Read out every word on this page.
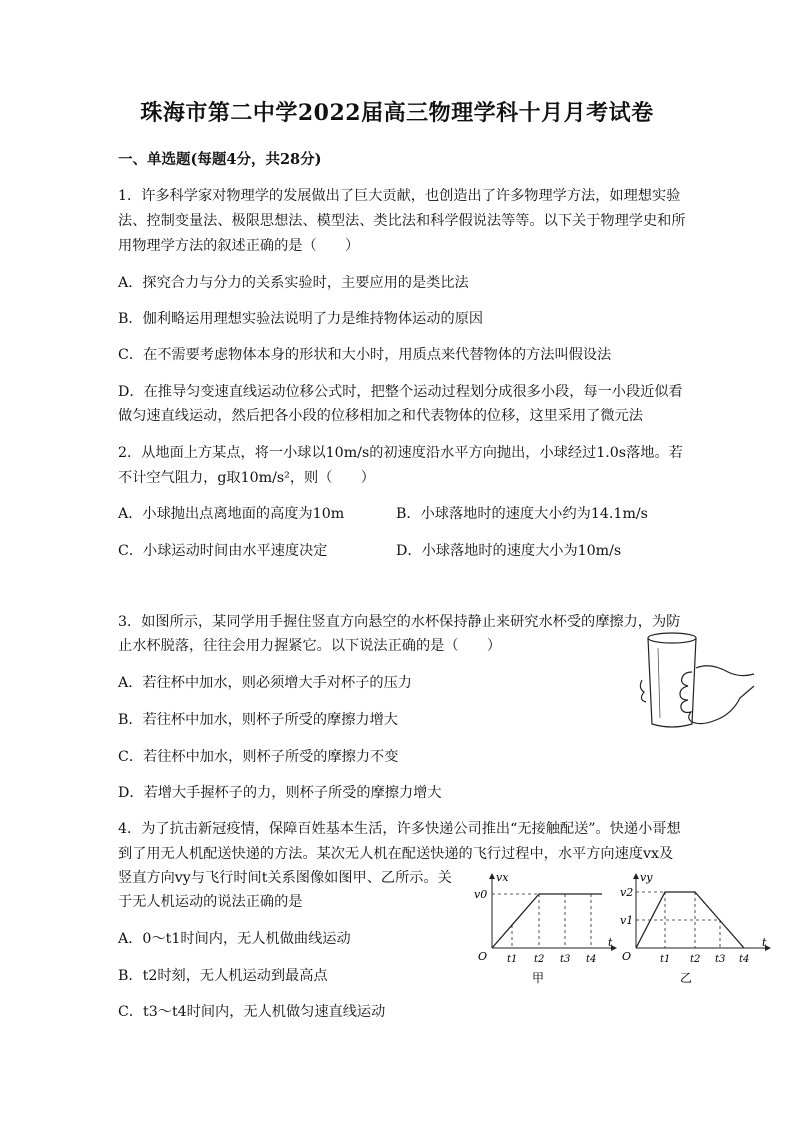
珠海市第二中学2022届高三物理学科十月月考试卷
一、单选题(每题4分，共28分)
1．许多科学家对物理学的发展做出了巨大贡献，也创造出了许多物理学方法，如理想实验
法、控制变量法、极限思想法、模型法、类比法和科学假说法等等。以下关于物理学史和所
用物理学方法的叙述正确的是（　　）
A．探究合力与分力的关系实验时，主要应用的是类比法
B．伽利略运用理想实验法说明了力是维持物体运动的原因
C．在不需要考虑物体本身的形状和大小时，用质点来代替物体的方法叫假设法
D．在推导匀变速直线运动位移公式时，把整个运动过程划分成很多小段，每一小段近似看
做匀速直线运动，然后把各小段的位移相加之和代表物体的位移，这里采用了微元法
2．从地面上方某点，将一小球以10m/s的初速度沿水平方向抛出，小球经过1.0s落地。若
不计空气阻力，g取10m/s²，则（　　）
A．小球抛出点离地面的高度为10m	B．小球落地时的速度大小约为14.1m/s
C．小球运动时间由水平速度决定	D．小球落地时的速度大小为10m/s
3．如图所示，某同学用手握住竖直方向悬空的水杯保持静止来研究水杯受的摩擦力，为防
止水杯脱落，往往会用力握紧它。以下说法正确的是（　　）
A．若往杯中加水，则必须增大手对杯子的压力
B．若往杯中加水，则杯子所受的摩擦力增大
C．若往杯中加水，则杯子所受的摩擦力不变
D．若增大手握杯子的力，则杯子所受的摩擦力增大
4．为了抗击新冠疫情，保障百姓基本生活，许多快递公司推出“无接触配送”。快递小哥想
到了用无人机配送快递的方法。某次无人机在配送快递的飞行过程中，水平方向速度vx及
竖直方向vy与飞行时间t关系图像如图甲、乙所示。关
于无人机运动的说法正确的是
A．0～t1时间内，无人机做曲线运动
B．t2时刻，无人机运动到最高点
C．t3～t4时间内，无人机做匀速直线运动
vx
v0
O t1 t2 t3 t4
t
甲
vy
v2
v1
O	t1 t2 t3 t4
t
乙
